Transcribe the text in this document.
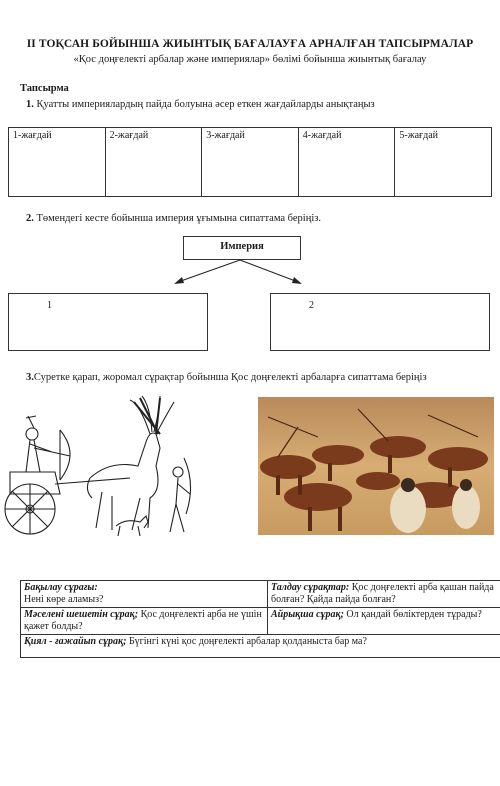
ІІ ТОҚСАН БОЙЫНША ЖИЫНТЫҚ БАҒАЛАУҒА АРНАЛҒАН ТАПСЫРМАЛАР
«Қос доңғелекті арбалар және империялар» бөлімі бойынша жиынтық бағалау
Тапсырма
1. Қуатты империялардың пайда болуына әсер еткен жағдайларды анықтаңыз
1-жағдай	2-жағдай	3-жағдай	4-жағдай	5-жағдай
2. Төмендегі кесте бойынша империя ұғымына сипаттама беріңіз.
Империя
1	2
3.Суретке қарап, жоромал сұрақтар бойынша Қос доңғелекті арбаларға сипаттама беріңіз
Бақылау сұрағы:
Нені көре аламыз?	Талдау сұрақтар: Қос доңғелекті арба қашан пайда болған? Қайда пайда болған?
Мәселені шешетін сұрақ; Қос доңғелекті арба не үшін қажет болды?	Айрықша сұрақ; Ол қандай бөліктерден тұрады?
Қиял - ғажайып сұрақ; Бүгінгі күні қос доңғелекті арбалар қолданыста бар ма?	
